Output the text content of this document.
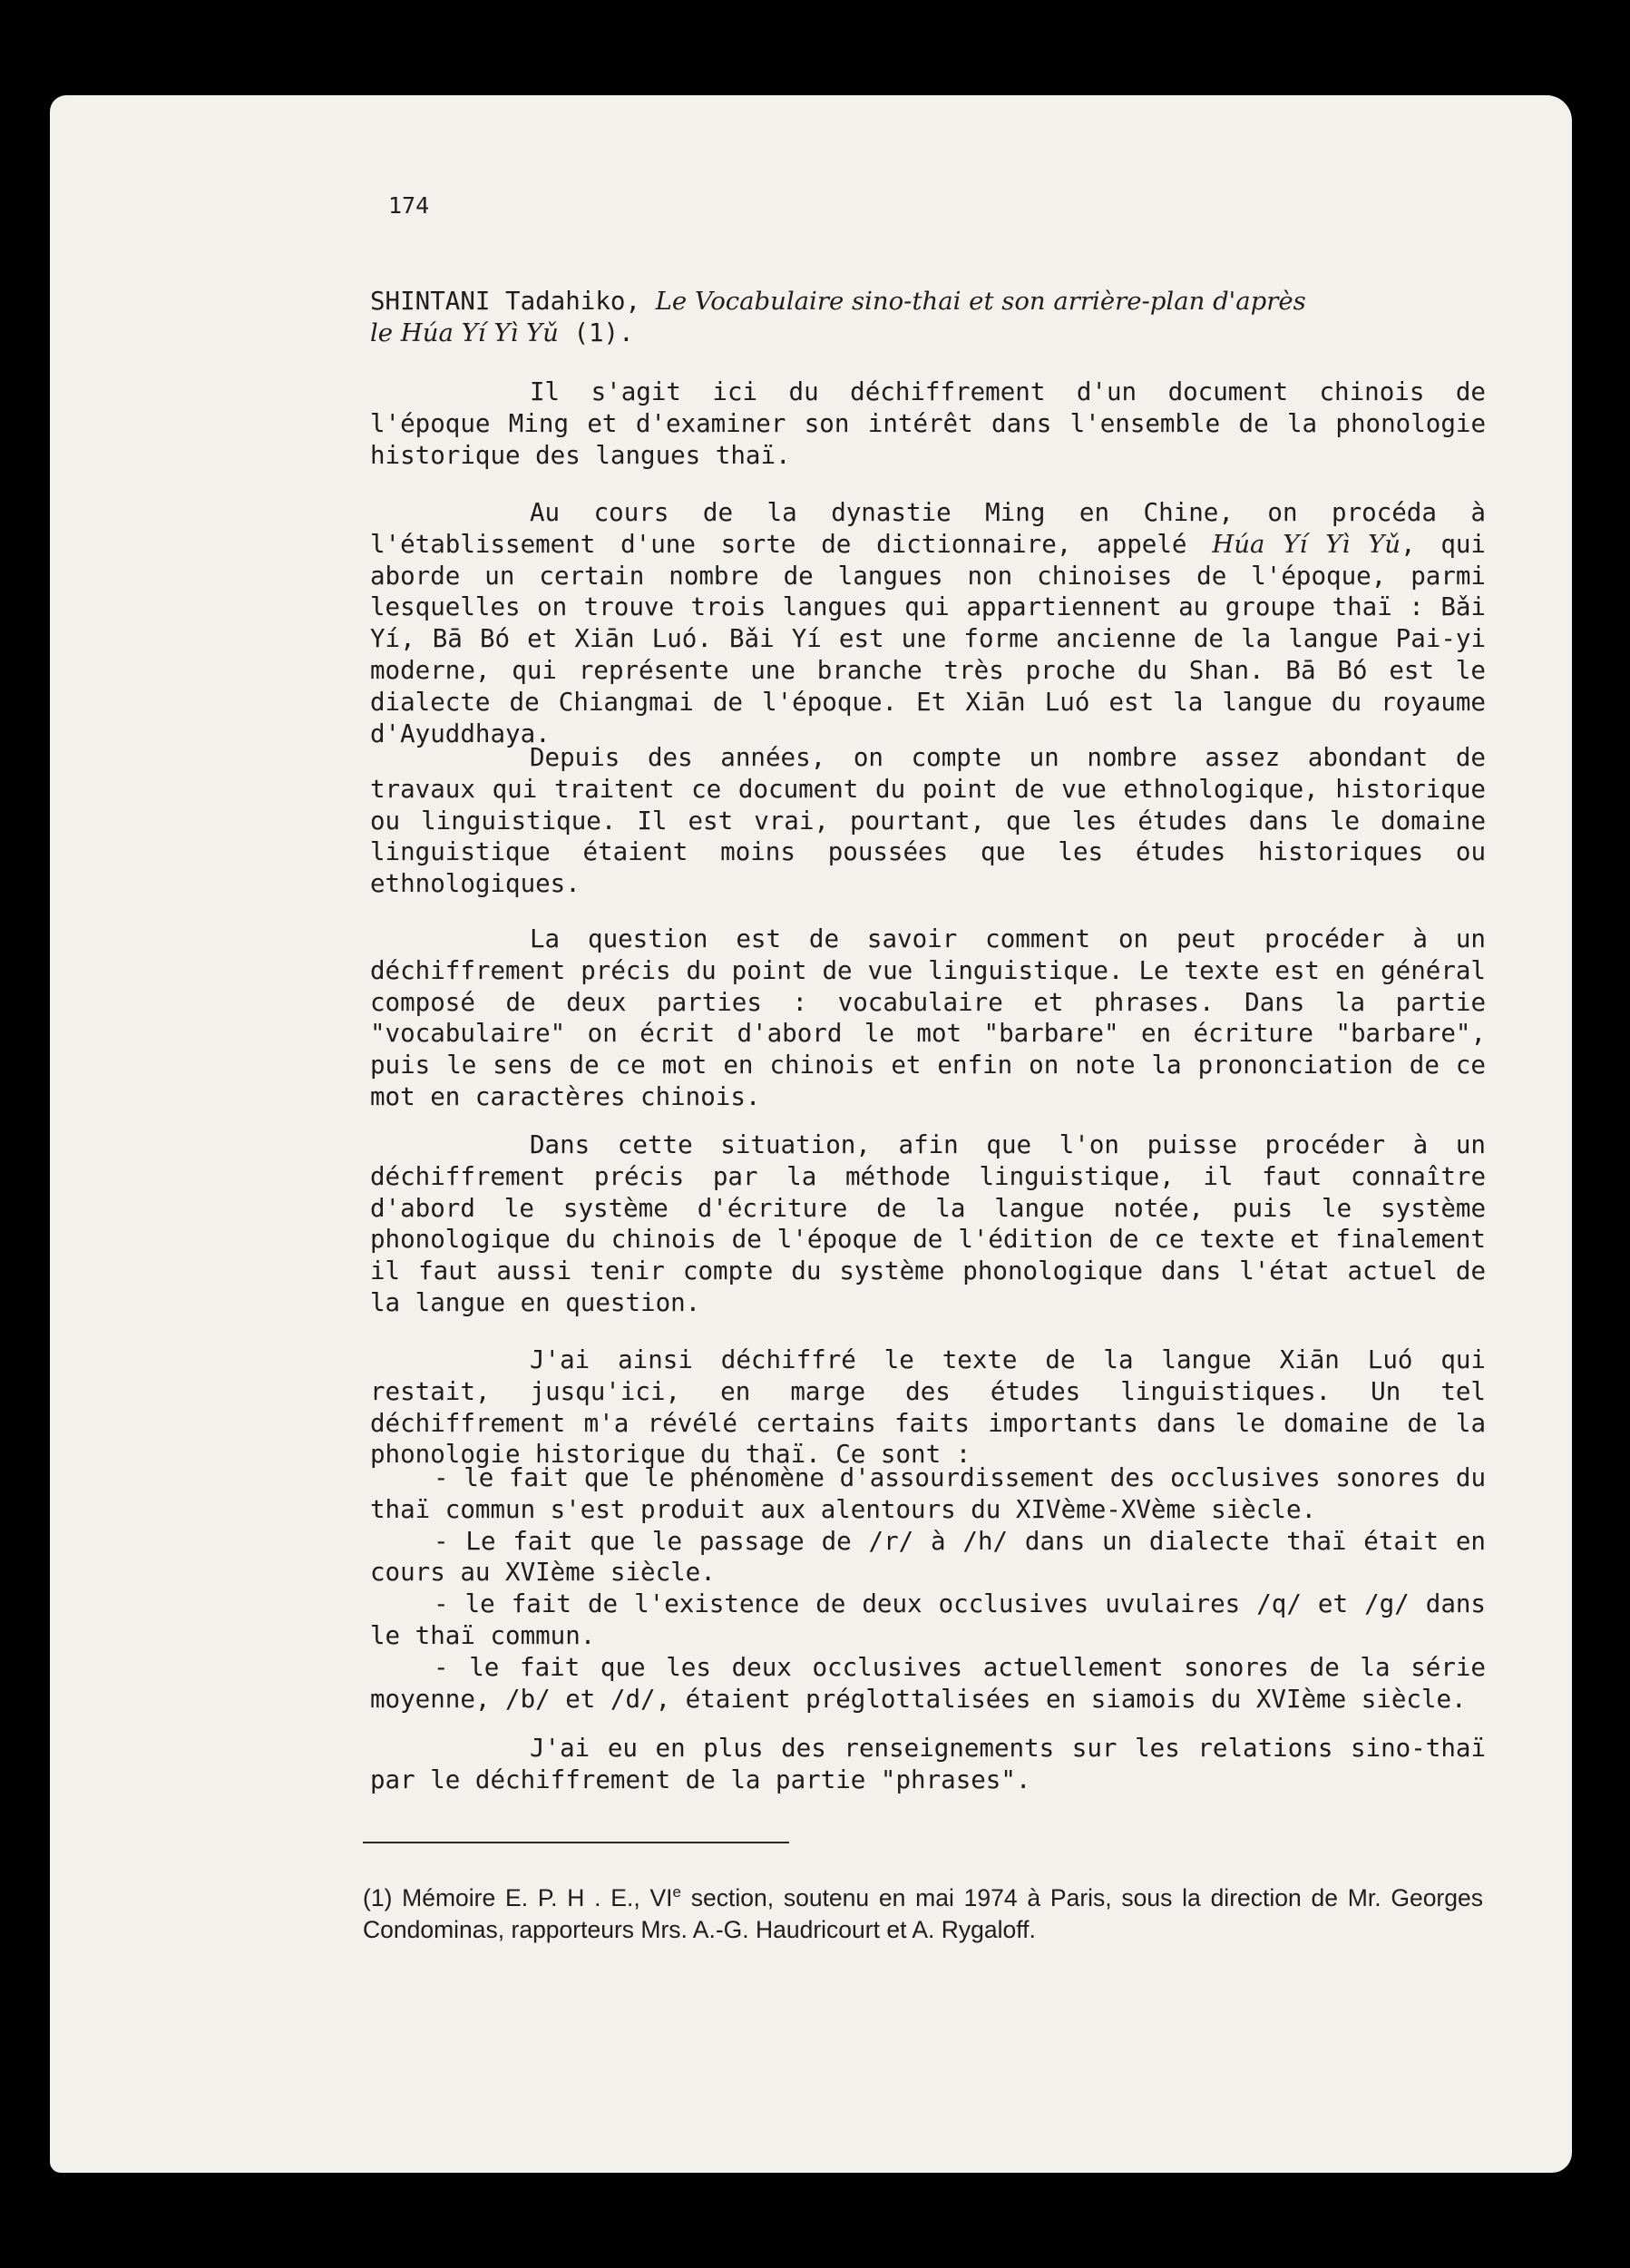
174

SHINTANI Tadahiko, Le Vocabulaire sino-thai et son arrière-plan d'après
le Húa Yí Yì Yǔ (1).

Il s'agit ici du déchiffrement d'un document chinois de l'époque Ming et d'examiner son intérêt dans l'ensemble de la phonologie historique des langues thaï.

Au cours de la dynastie Ming en Chine, on procéda à l'établissement d'une sorte de dictionnaire, appelé Húa Yí Yì Yǔ, qui aborde un certain nombre de langues non chinoises de l'époque, parmi lesquelles on trouve trois langues qui appartiennent au groupe thaï : Bǎi Yí, Bā Bó et Xiān Luó. Bǎi Yí est une forme ancienne de la langue Pai-yi moderne, qui représente une branche très proche du Shan. Bā Bó est le dialecte de Chiangmai de l'époque. Et Xiān Luó est la langue du royaume d'Ayuddhaya.

Depuis des années, on compte un nombre assez abondant de travaux qui traitent ce document du point de vue ethnologique, historique ou linguistique. Il est vrai, pourtant, que les études dans le domaine linguistique étaient moins poussées que les études historiques ou ethnologiques.

La question est de savoir comment on peut procéder à un déchiffrement précis du point de vue linguistique. Le texte est en général composé de deux parties : vocabulaire et phrases. Dans la partie "vocabulaire" on écrit d'abord le mot "barbare" en écriture "barbare", puis le sens de ce mot en chinois et enfin on note la prononciation de ce mot en caractères chinois.

Dans cette situation, afin que l'on puisse procéder à un déchiffrement précis par la méthode linguistique, il faut connaître d'abord le système d'écriture de la langue notée, puis le système phonologique du chinois de l'époque de l'édition de ce texte et finalement il faut aussi tenir compte du système phonologique dans l'état actuel de la langue en question.

J'ai ainsi déchiffré le texte de la langue Xiān Luó qui restait, jusqu'ici, en marge des études linguistiques. Un tel déchiffrement m'a révélé certains faits importants dans le domaine de la phonologie historique du thaï. Ce sont :

- le fait que le phénomène d'assourdissement des occlusives sonores du thaï commun s'est produit aux alentours du XIVème-XVème siècle.

- Le fait que le passage de /r/ à /h/ dans un dialecte thaï était en cours au XVIème siècle.

- le fait de l'existence de deux occlusives uvulaires /q/ et /g/ dans le thaï commun.

- le fait que les deux occlusives actuellement sonores de la série moyenne, /b/ et /d/, étaient préglottalisées en siamois du XVIème siècle.

J'ai eu en plus des renseignements sur les relations sino-thaï par le déchiffrement de la partie "phrases".

(1) Mémoire E. P. H . E., VIe section, soutenu en mai 1974 à Paris, sous la direction de Mr. Georges Condominas, rapporteurs Mrs. A.-G. Haudricourt et A. Rygaloff.
